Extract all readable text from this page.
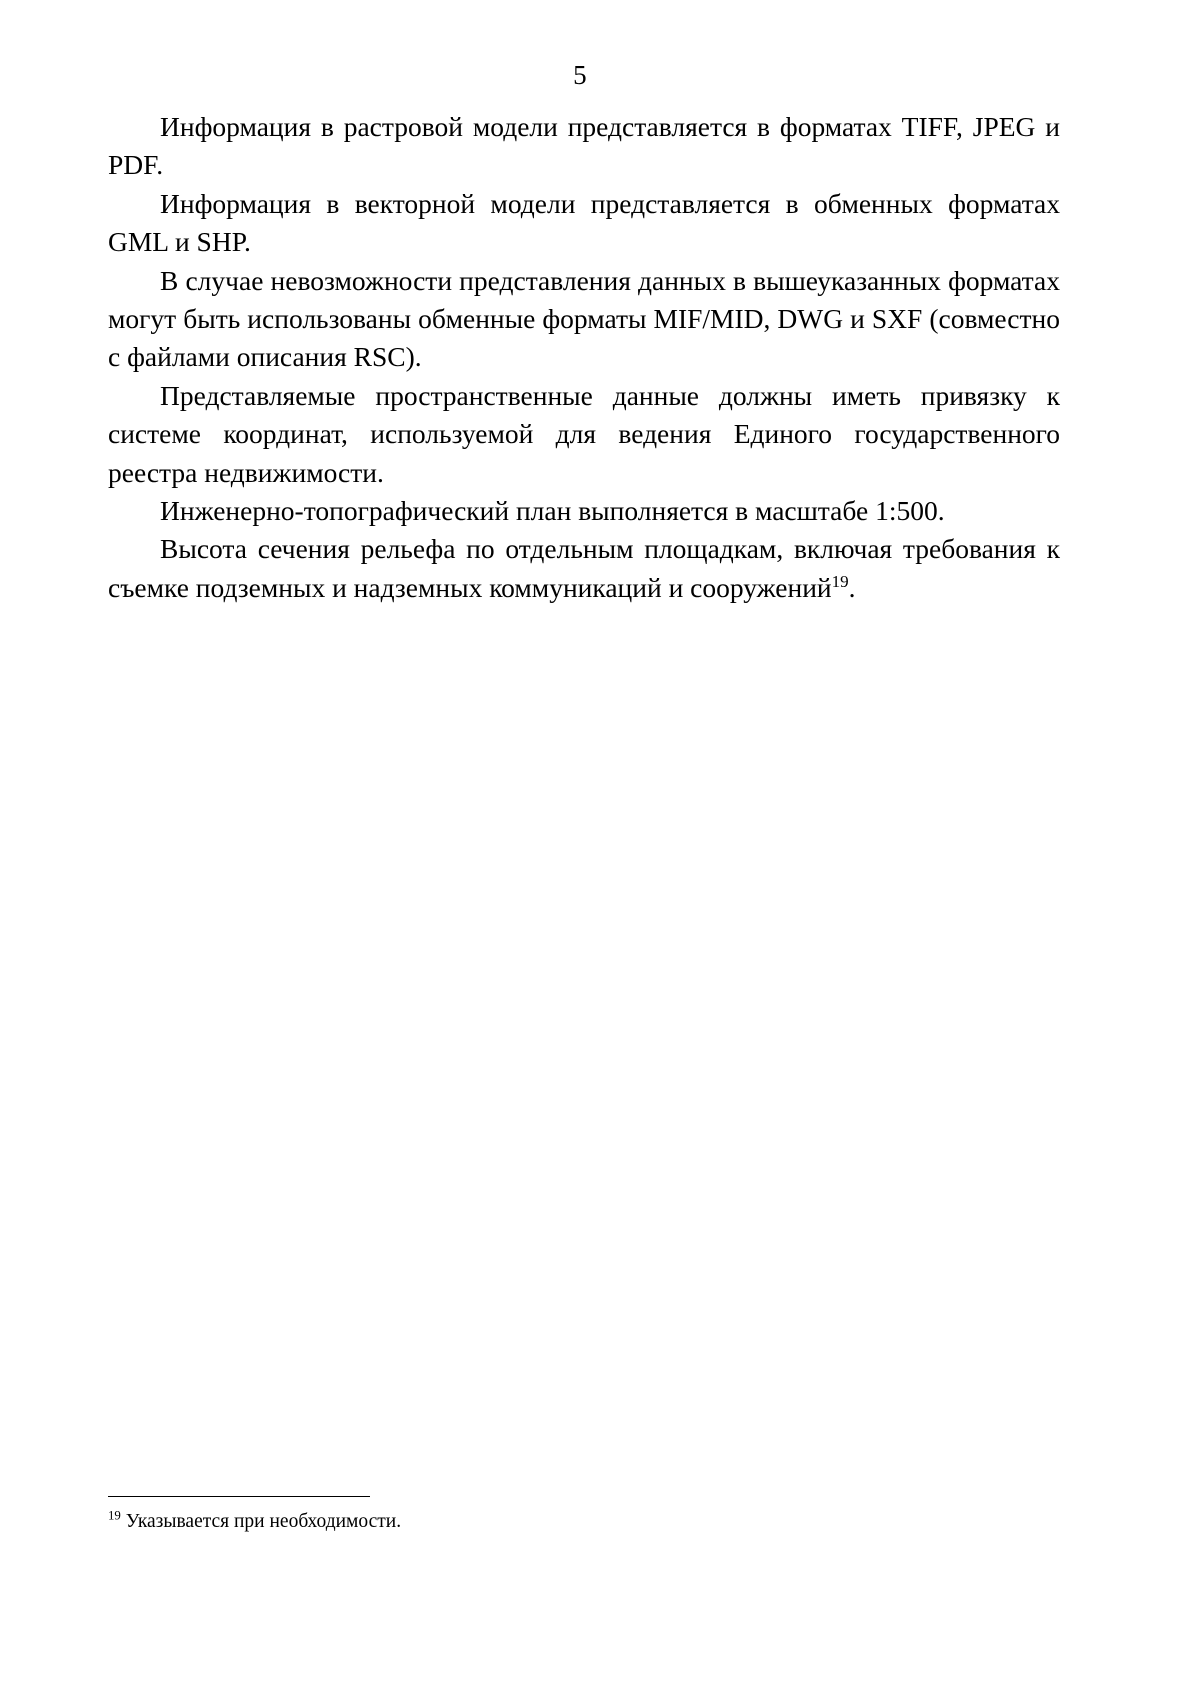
5

Информация в растровой модели представляется в форматах TIFF, JPEG и PDF.

Информация в векторной модели представляется в обменных форматах GML и SHP.

В случае невозможности представления данных в вышеуказанных форматах могут быть использованы обменные форматы MIF/MID, DWG и SXF (совместно с файлами описания RSC).

Представляемые пространственные данные должны иметь привязку к системе координат, используемой для ведения Единого государственного реестра недвижимости.

Инженерно-топографический план выполняется в масштабе 1:500.

Высота сечения рельефа по отдельным площадкам, включая требования к съемке подземных и надземных коммуникаций и сооружений$^{19}$.

$^{19}$ Указывается при необходимости.
